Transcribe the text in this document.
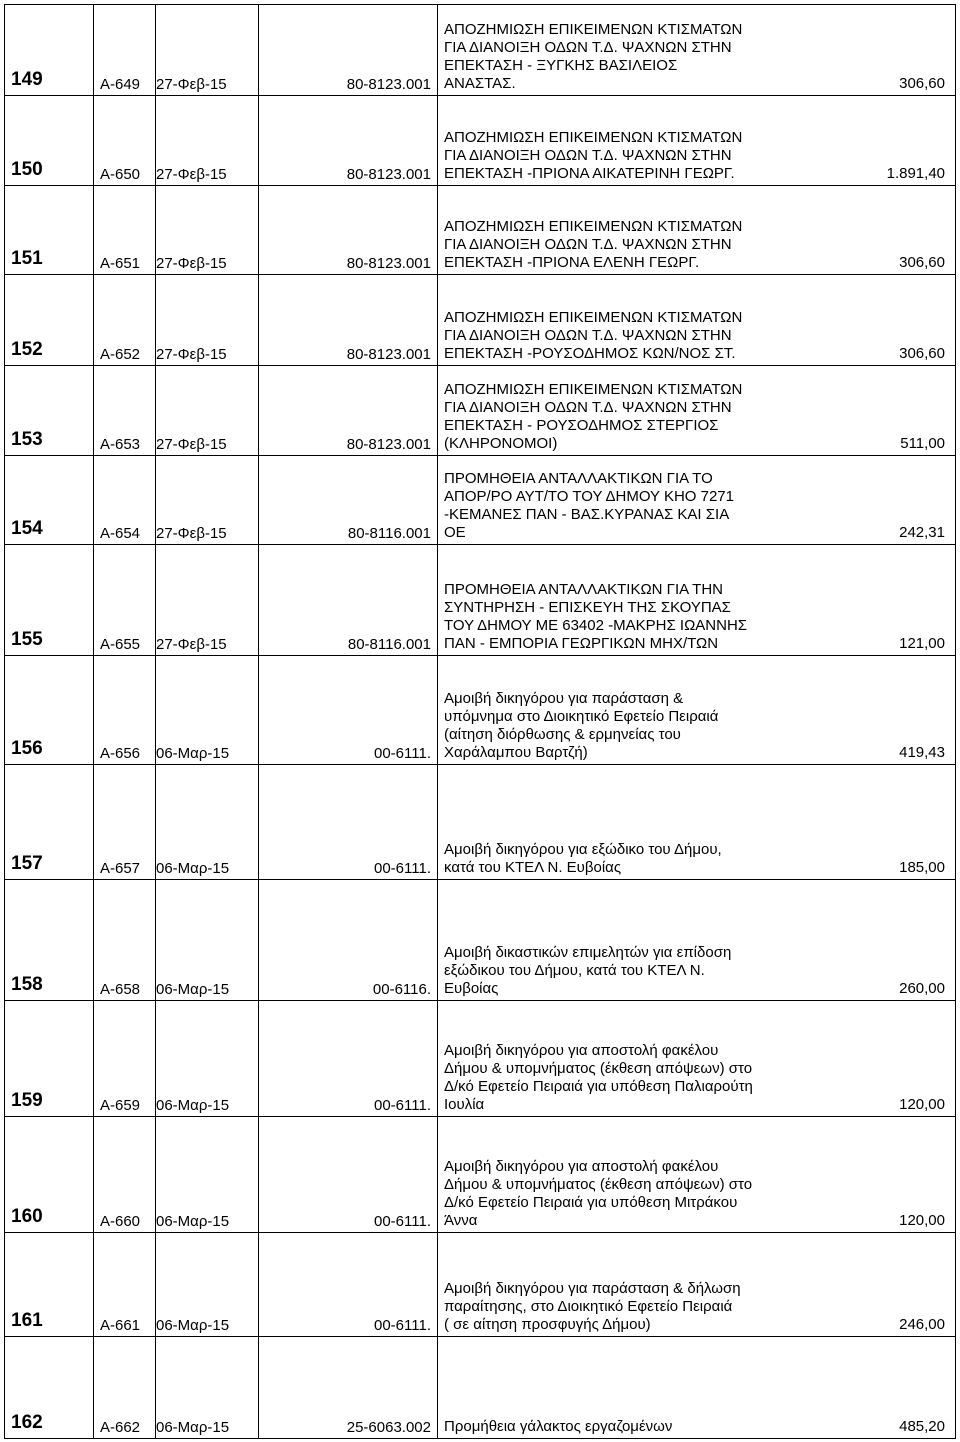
149	Α-649	27-Φεβ-15	80-8123.001	ΑΠΟΖΗΜΙΩΣΗ ΕΠΙΚΕΙΜΕΝΩΝ ΚΤΙΣΜΑΤΩΝ
ΓΙΑ ΔΙΑΝΟΙΞΗ ΟΔΩΝ Τ.Δ. ΨΑΧΝΩΝ ΣΤΗΝ
ΕΠΕΚΤΑΣΗ - ΞΥΓΚΗΣ ΒΑΣΙΛΕΙΟΣ
ΑΝΑΣΤΑΣ. 306,60

150	Α-650	27-Φεβ-15	80-8123.001	ΑΠΟΖΗΜΙΩΣΗ ΕΠΙΚΕΙΜΕΝΩΝ ΚΤΙΣΜΑΤΩΝ
ΓΙΑ ΔΙΑΝΟΙΞΗ ΟΔΩΝ Τ.Δ. ΨΑΧΝΩΝ ΣΤΗΝ
ΕΠΕΚΤΑΣΗ -ΠΡΙΟΝΑ ΑΙΚΑΤΕΡΙΝΗ ΓΕΩΡΓ. 1.891,40

151	Α-651	27-Φεβ-15	80-8123.001	ΑΠΟΖΗΜΙΩΣΗ ΕΠΙΚΕΙΜΕΝΩΝ ΚΤΙΣΜΑΤΩΝ
ΓΙΑ ΔΙΑΝΟΙΞΗ ΟΔΩΝ Τ.Δ. ΨΑΧΝΩΝ ΣΤΗΝ
ΕΠΕΚΤΑΣΗ -ΠΡΙΟΝΑ ΕΛΕΝΗ ΓΕΩΡΓ. 306,60

152	Α-652	27-Φεβ-15	80-8123.001	ΑΠΟΖΗΜΙΩΣΗ ΕΠΙΚΕΙΜΕΝΩΝ ΚΤΙΣΜΑΤΩΝ
ΓΙΑ ΔΙΑΝΟΙΞΗ ΟΔΩΝ Τ.Δ. ΨΑΧΝΩΝ ΣΤΗΝ
ΕΠΕΚΤΑΣΗ -ΡΟΥΣΟΔΗΜΟΣ ΚΩΝ/ΝΟΣ ΣΤ. 306,60

153	Α-653	27-Φεβ-15	80-8123.001	ΑΠΟΖΗΜΙΩΣΗ ΕΠΙΚΕΙΜΕΝΩΝ ΚΤΙΣΜΑΤΩΝ
ΓΙΑ ΔΙΑΝΟΙΞΗ ΟΔΩΝ Τ.Δ. ΨΑΧΝΩΝ ΣΤΗΝ
ΕΠΕΚΤΑΣΗ - ΡΟΥΣΟΔΗΜΟΣ ΣΤΕΡΓΙΟΣ
(ΚΛΗΡΟΝΟΜΟΙ) 511,00

154	Α-654	27-Φεβ-15	80-8116.001	ΠΡΟΜΗΘΕΙΑ ΑΝΤΑΛΛΑΚΤΙΚΩΝ ΓΙΑ ΤΟ
ΑΠΟΡ/ΡΟ ΑΥΤ/ΤΟ ΤΟΥ ΔΗΜΟΥ ΚΗΟ 7271
-ΚΕΜΑΝΕΣ ΠΑΝ - ΒΑΣ.ΚΥΡΑΝΑΣ ΚΑΙ ΣΙΑ
ΟΕ 242,31

155	Α-655	27-Φεβ-15	80-8116.001	ΠΡΟΜΗΘΕΙΑ ΑΝΤΑΛΛΑΚΤΙΚΩΝ ΓΙΑ ΤΗΝ
ΣΥΝΤΗΡΗΣΗ - ΕΠΙΣΚΕΥΗ ΤΗΣ ΣΚΟΥΠΑΣ
ΤΟΥ ΔΗΜΟΥ ΜΕ 63402 -ΜΑΚΡΗΣ ΙΩΑΝΝΗΣ
ΠΑΝ - ΕΜΠΟΡΙΑ ΓΕΩΡΓΙΚΩΝ ΜΗΧ/ΤΩΝ 121,00

156	Α-656	06-Μαρ-15	00-6111.	Αμοιβή δικηγόρου για παράσταση &
υπόμνημα στο Διοικητικό Εφετείο Πειραιά
(αίτηση διόρθωσης & ερμηνείας του
Χαράλαμπου Βαρτζή) 419,43

157	Α-657	06-Μαρ-15	00-6111.	Αμοιβή δικηγόρου για εξώδικο του Δήμου,
κατά του ΚΤΕΛ Ν. Ευβοίας 185,00

158	Α-658	06-Μαρ-15	00-6116.	Αμοιβή δικαστικών επιμελητών για επίδοση
εξώδικου του Δήμου, κατά του ΚΤΕΛ Ν.
Ευβοίας 260,00

159	Α-659	06-Μαρ-15	00-6111.	Αμοιβή δικηγόρου για αποστολή φακέλου
Δήμου & υπομνήματος (έκθεση απόψεων) στο
Δ/κό Εφετείο Πειραιά για υπόθεση Παλιαρούτη
Ιουλία 120,00

160	Α-660	06-Μαρ-15	00-6111.	Αμοιβή δικηγόρου για αποστολή φακέλου
Δήμου & υπομνήματος (έκθεση απόψεων) στο
Δ/κό Εφετείο Πειραιά για υπόθεση Μιτράκου
Άννα 120,00

161	Α-661	06-Μαρ-15	00-6111.	Αμοιβή δικηγόρου για παράσταση & δήλωση
παραίτησης, στο Διοικητικό Εφετείο Πειραιά
( σε αίτηση προσφυγής Δήμου) 246,00

162	Α-662	06-Μαρ-15	25-6063.002	Προμήθεια γάλακτος εργαζομένων 485,20
